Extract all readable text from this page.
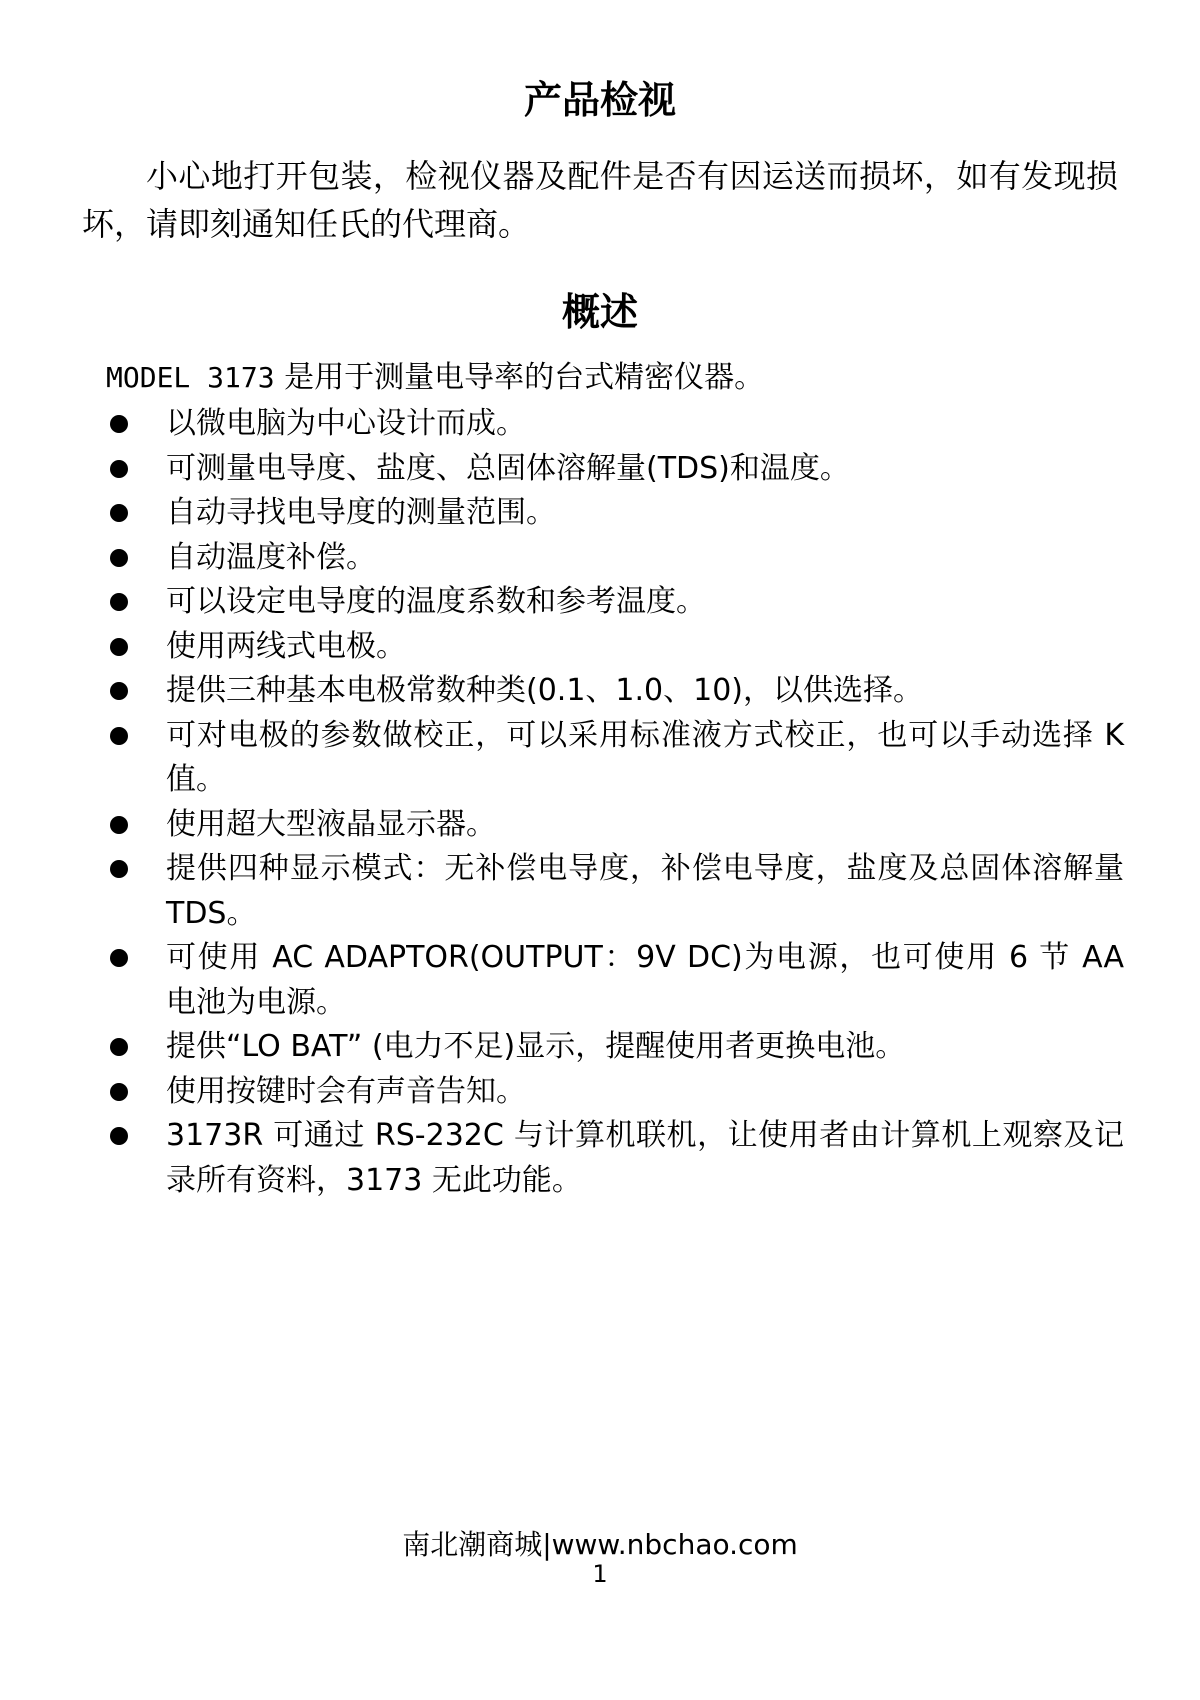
产品检视
小心地打开包装，检视仪器及配件是否有因运送而损坏，如有发现损坏，请即刻通知任氏的代理商。
概述
MODEL 3173 是用于测量电导率的台式精密仪器。
以微电脑为中心设计而成。
可测量电导度、盐度、总固体溶解量(TDS)和温度。
自动寻找电导度的测量范围。
自动温度补偿。
可以设定电导度的温度系数和参考温度。
使用两线式电极。
提供三种基本电极常数种类(0.1、1.0、10)，以供选择。
可对电极的参数做校正，可以采用标准液方式校正，也可以手动选择 K 值。
使用超大型液晶显示器。
提供四种显示模式：无补偿电导度，补偿电导度，盐度及总固体溶解量 TDS。
可使用 AC ADAPTOR(OUTPUT：9V DC)为电源，也可使用 6 节 AA 电池为电源。
提供“LO BAT” (电力不足)显示，提醒使用者更换电池。
使用按键时会有声音告知。
3173R 可通过 RS-232C 与计算机联机，让使用者由计算机上观察及记录所有资料，3173 无此功能。
南北潮商城|www.nbchao.com
1
